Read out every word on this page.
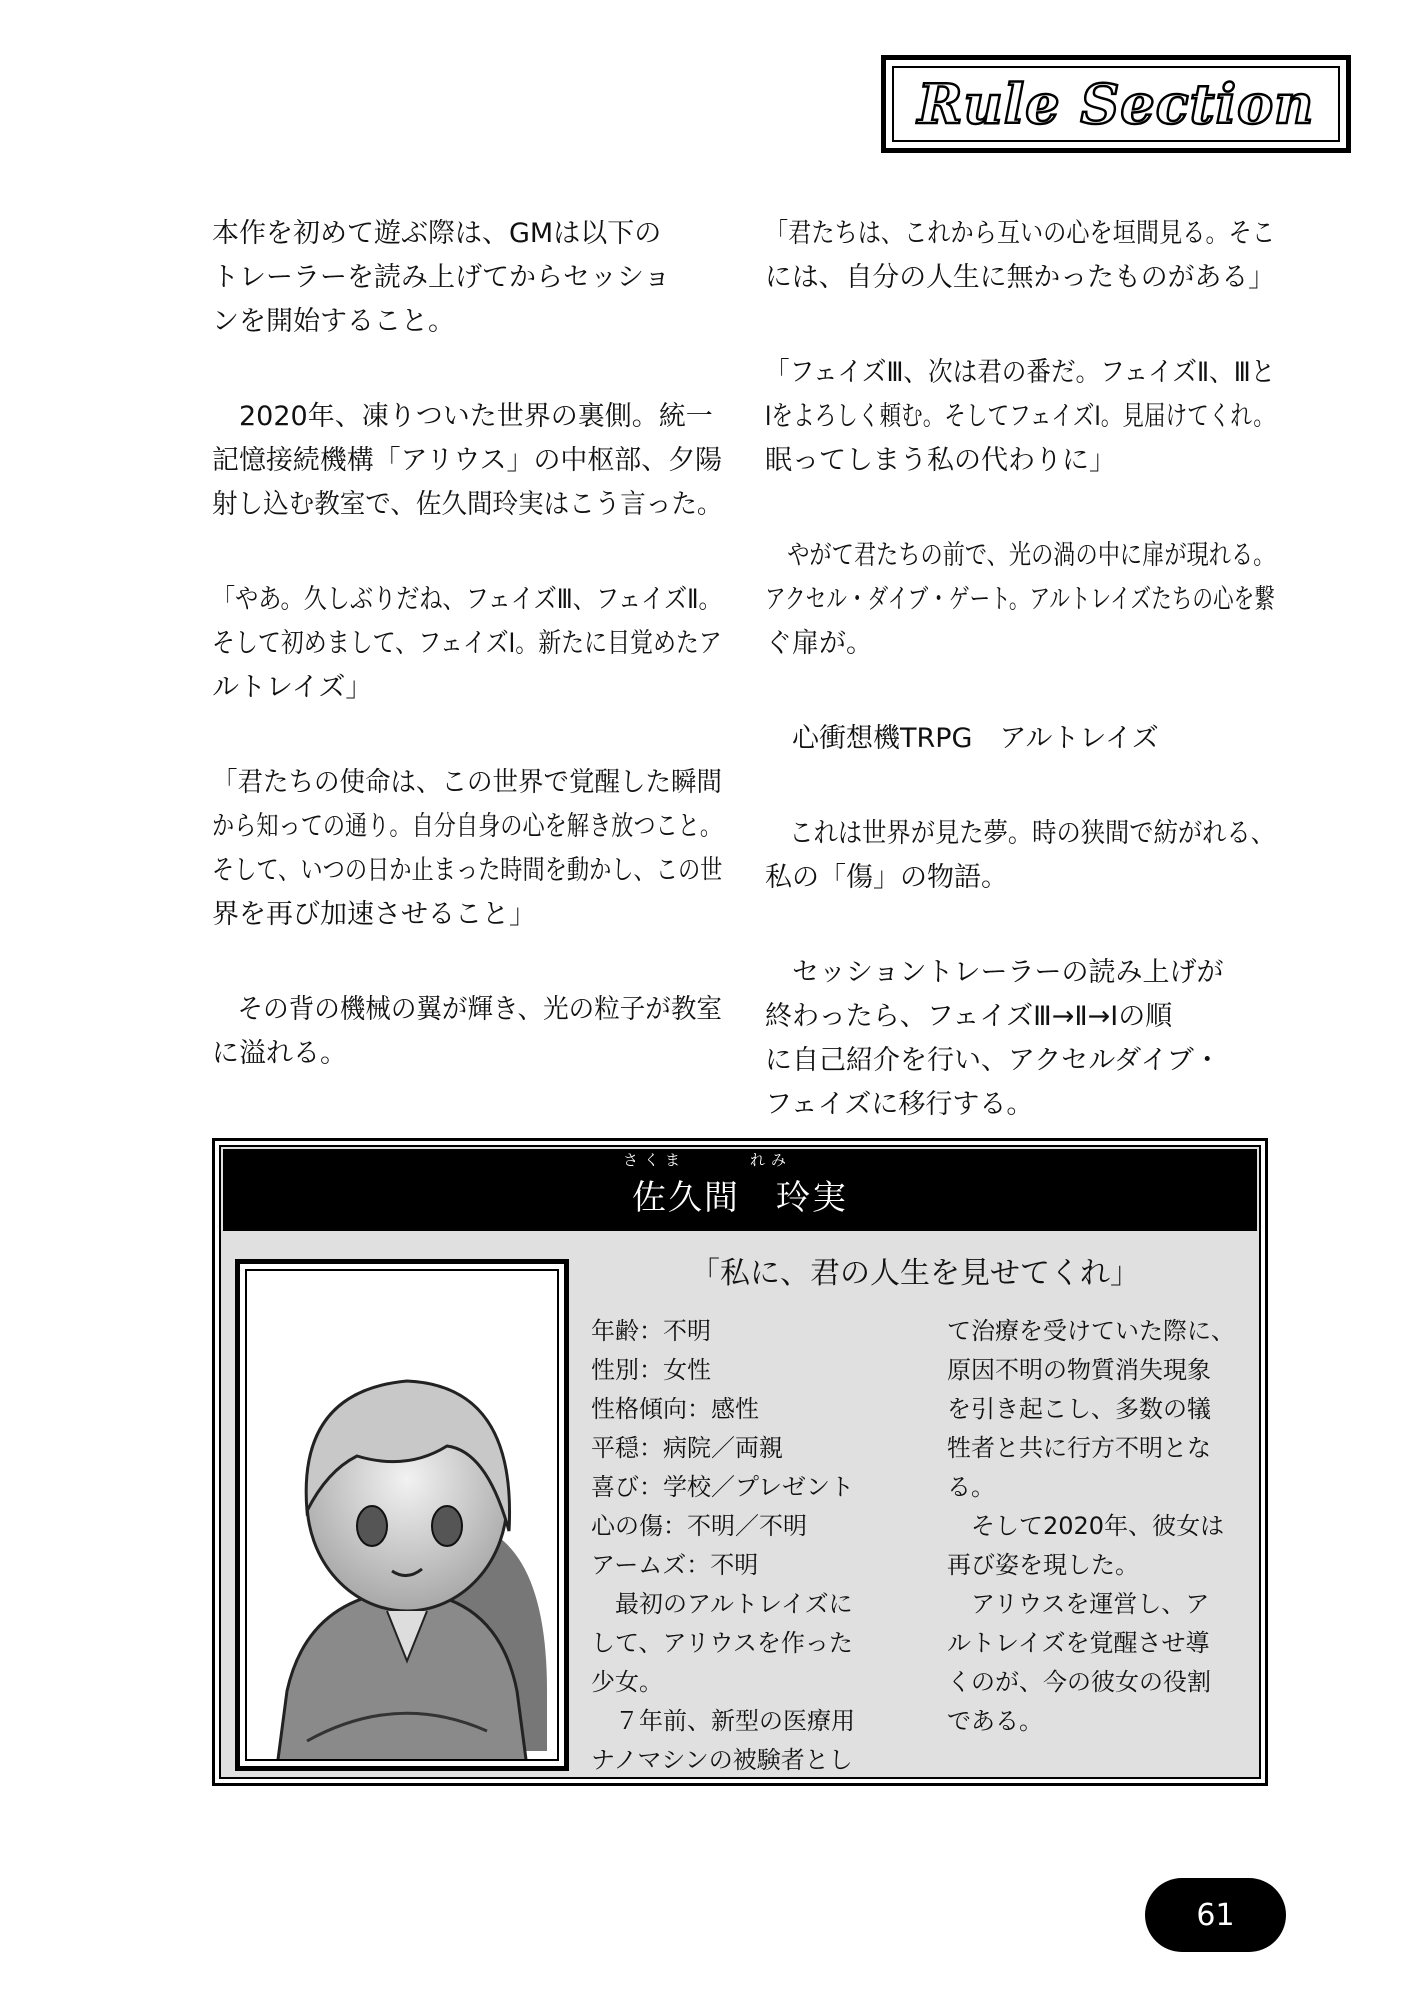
Rule Section
本作を初めて遊ぶ際は、GMは以下の
トレーラーを読み上げてからセッショ
ンを開始すること。
　2020年、凍りついた世界の裏側。統一
記憶接続機構「アリウス」の中枢部、夕陽
射し込む教室で、佐久間玲実はこう言った。
「やあ。久しぶりだね、フェイズⅢ、フェイズⅡ。
そして初めまして、フェイズⅠ。新たに目覚めたア
ルトレイズ」
「君たちの使命は、この世界で覚醒した瞬間
から知っての通り。自分自身の心を解き放つこと。
そして、いつの日か止まった時間を動かし、この世
界を再び加速させること」
　その背の機械の翼が輝き、光の粒子が教室
に溢れる。
「君たちは、これから互いの心を垣間見る。そこ
には、自分の人生に無かったものがある」
「フェイズⅢ、次は君の番だ。フェイズⅡ、Ⅲと
Ⅰをよろしく頼む。そしてフェイズⅠ。見届けてくれ。
眠ってしまう私の代わりに」
　やがて君たちの前で、光の渦の中に扉が現れる。
アクセル・ダイブ・ゲート。アルトレイズたちの心を繋
ぐ扉が。
　心衝想機TRPG　アルトレイズ
　これは世界が見た夢。時の狭間で紡がれる、
私の「傷」の物語。
　セッショントレーラーの読み上げが
終わったら、フェイズⅢ→Ⅱ→Ⅰの順
に自己紹介を行い、アクセルダイブ・
フェイズに移行する。
さくま	れみ
佐久間　玲実
「私に、君の人生を見せてくれ」
年齢：不明
性別：女性
性格傾向：感性
平穏：病院／両親
喜び：学校／プレゼント
心の傷：不明／不明
アームズ：不明
　最初のアルトレイズに
して、アリウスを作った
少女。
　７年前、新型の医療用
ナノマシンの被験者とし
て治療を受けていた際に、
原因不明の物質消失現象
を引き起こし、多数の犠
牲者と共に行方不明とな
る。
　そして2020年、彼女は
再び姿を現した。
　アリウスを運営し、ア
ルトレイズを覚醒させ導
くのが、今の彼女の役割
である。
61
